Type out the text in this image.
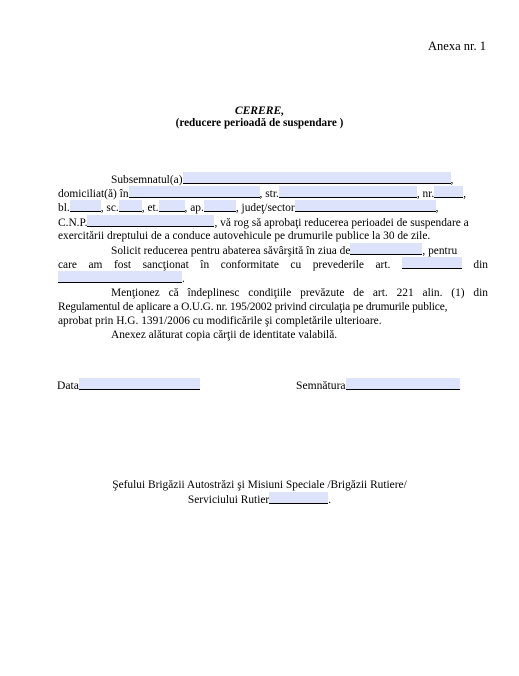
Anexa nr. 1
CERERE,
(reducere perioadă de suspendare )
Subsemnatul(a)	,
domiciliat(ă) în	, str.	, nr.	,
bl.	, sc. , et. , ap.	, judeţ/sector	,
C.N.P.	, vă rog să aprobaţi reducerea perioadei de suspendare a
exercitării dreptului de a conduce autovehicule pe drumurile publice la 30 de zile.
Solicit reducerea pentru abaterea săvârşită în ziua de	, pentru
care am fost sancţionat în conformitate cu prevederile art.	din
.
Menţionez că îndeplinesc condiţiile prevăzute de art. 221 alin. (1) din
Regulamentul de aplicare a O.U.G. nr. 195/2002 privind circulaţia pe drumurile publice,
aprobat prin H.G. 1391/2006 cu modificările şi completările ulterioare.
Anexez alăturat copia cărţii de identitate valabilă.
Data	Semnătura
Şefului Brigăzii Autostrăzi şi Misiuni Speciale /Brigăzii Rutiere/
Serviciului Rutier	.
